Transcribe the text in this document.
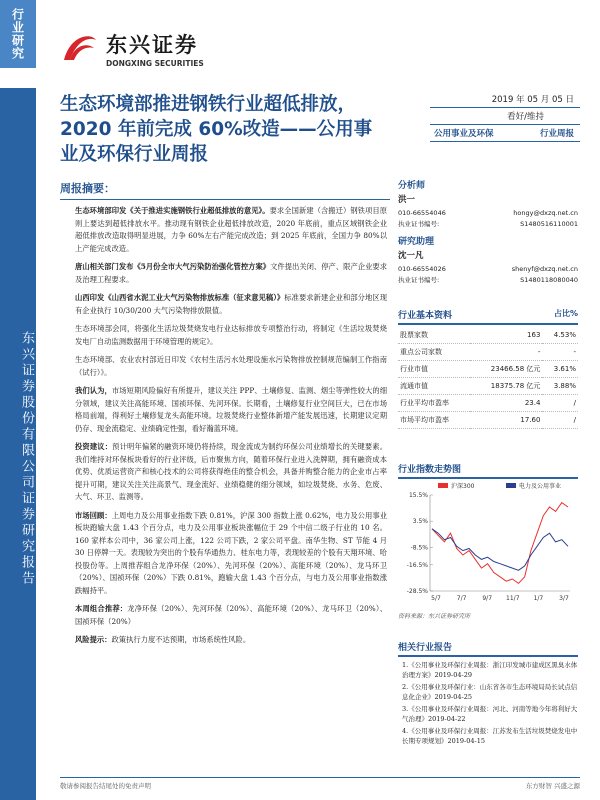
行业研究
东兴证券股份有限公司证券研究报告
东兴证券
DONGXING SECURITIES
生态环境部推进钢铁行业超低排放，2020 年前完成 60%改造——公用事业及环保行业周报
2019 年 05 月 05 日
看好/维持
公用事业及环保	行业周报
周报摘要：

生态环境部印发《关于推进实施钢铁行业超低排放的意见》。要求全国新建（含搬迁）钢铁项目原则上要达到超低排放水平。推动现有钢铁企业超低排放改造，2020 年底前，重点区域钢铁企业超低排放改造取得明显进展，力争 60%左右产能完成改造；到 2025 年底前，全国力争 80%以上产能完成改造。

唐山相关部门发布《5月份全市大气污染防治强化管控方案》文件提出关闭、停产、限产企业要求及治理工程要求。

山西印发《山西省水泥工业大气污染物排放标准（征求意见稿）》标准要求新建企业和部分地区现有企业执行 10/30/200 大气污染物排放限值。

生态环境部会同，将强化生活垃圾焚烧发电行业达标排放专项整治行动，将制定《生活垃圾焚烧发电厂自动监测数据用于环境管理的规定》。

生态环境部、农业农村部近日印发《农村生活污水处理设施水污染物排放控制规范编制工作指南（试行）》。

我们认为，市场短期风险偏好有所提升，建议关注 PPP、土壤修复、监测、烟尘等弹性较大的细分领域，建议关注高能环境、国祯环保、先河环保。长期看，土壤修复行业空间巨大，已在市场格局前端，得利好土壤修复龙头高能环境。垃圾焚烧行业整体新增产能发展迅速，长期建议定期仍存、现金流稳定、业绩确定性强，看好瀚蓝环境。

投资建议：预计明年偏紧的融资环境仍将持续，现金流成为制约环保公司业绩增长的关键要素。我们维持对环保板块看好的行业评级，后市聚焦方向，随着环保行业进入洗牌期，拥有融资成本优势、优质运营资产和核心技术的公司将获得绝佳的整合机会，具备并购整合能力的企业市占率提升可期，建议关注关注高景气、现金流好、业绩稳健的细分领域，如垃圾焚烧、水务、危废、大气、环卫、监测等。

市场回顾：上周电力及公用事业指数下跌 0.81%，沪深 300 指数上涨 0.62%，电力及公用事业板块跑输大盘 1.43 个百分点，电力及公用事业板块涨幅位于 29 个中信二级子行业的 10 名。160 家样本公司中，36 家公司上涨，122 公司下跌，2 家公司平盘。南华生物、ST 节能 4 月 30 日停牌一天。表现较为突出的个股有华通热力、桂东电力等，表现较差的个股有天翔环境、哈投股份等。上周推荐组合龙净环保（20%）、先河环保（20%）、高能环境（20%）、龙马环卫（20%）、国祯环保（20%）下跌 0.81%，跑输大盘 1.43 个百分点，与电力及公用事业指数涨跌幅持平。

本周组合推荐：龙净环保（20%）、先河环保（20%）、高能环境（20%）、龙马环卫（20%）、国祯环保（20%）

风险提示：政策执行力度不达预期，市场系统性风险。

分析师
洪一
010-66554046	hongy@dxzq.net.cn
执业证书编号:	S1480516110001
研究助理
沈一凡
010-66554026	shenyf@dxzq.net.cn
执业证书编号:	S1480118080040
行业基本资料	占比%
股票家数	163	4.53%
重点公司家数	-	-
行业市值	23466.58 亿元	3.61%
流通市值	18375.78 亿元	3.88%
行业平均市盈率	23.4	/
市场平均市盈率	17.60	/
行业指数走势图
沪深300	电力及公用事业
15.5%
3.5%
-8.5%
-16.5%
-28.5%
5/7	7/7	9/7 11/7 1/7	3/7
资料来源：东兴证券研究所
相关行业报告
1.《公用事业及环保行业周报：浙江印发城市建成区黑臭水体治理方案》2019-04-29
2.《公用事业及环保行业：山东省各市生态环境局局长试点信息化企业》2019-04-25
3.《公用事业及环保行业周报：河北、河南等地今年将利好大气治理》2019-04-22
4.《公用事业及环保行业周报：江苏发布生活垃圾焚烧发电中长期专项规划》2019-04-15
敬请参阅报告结尾处的免责声明	东方财智 兴盛之源
